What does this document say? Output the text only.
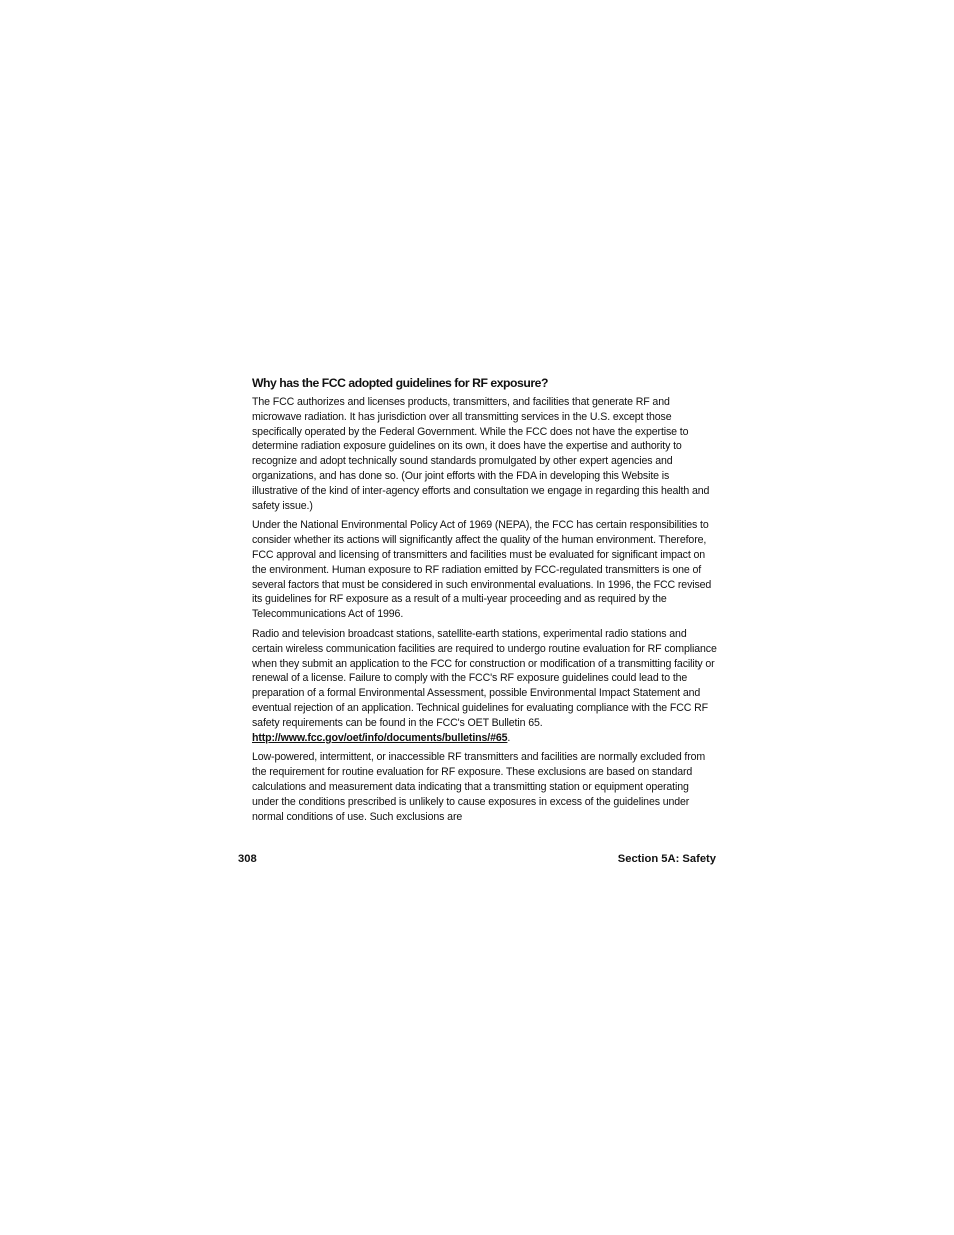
Why has the FCC adopted guidelines for RF exposure?

The FCC authorizes and licenses products, transmitters, and facilities that generate RF and microwave radiation. It has jurisdiction over all transmitting services in the U.S. except those specifically operated by the Federal Government. While the FCC does not have the expertise to determine radiation exposure guidelines on its own, it does have the expertise and authority to recognize and adopt technically sound standards promulgated by other expert agencies and organizations, and has done so. (Our joint efforts with the FDA in developing this Website is illustrative of the kind of inter-agency efforts and consultation we engage in regarding this health and safety issue.)

Under the National Environmental Policy Act of 1969 (NEPA), the FCC has certain responsibilities to consider whether its actions will significantly affect the quality of the human environment. Therefore, FCC approval and licensing of transmitters and facilities must be evaluated for significant impact on the environment. Human exposure to RF radiation emitted by FCC-regulated transmitters is one of several factors that must be considered in such environmental evaluations. In 1996, the FCC revised its guidelines for RF exposure as a result of a multi-year proceeding and as required by the Telecommunications Act of 1996.

Radio and television broadcast stations, satellite-earth stations, experimental radio stations and certain wireless communication facilities are required to undergo routine evaluation for RF compliance when they submit an application to the FCC for construction or modification of a transmitting facility or renewal of a license. Failure to comply with the FCC's RF exposure guidelines could lead to the preparation of a formal Environmental Assessment, possible Environmental Impact Statement and eventual rejection of an application. Technical guidelines for evaluating compliance with the FCC RF safety requirements can be found in the FCC's OET Bulletin 65. http://www.fcc.gov/oet/info/documents/bulletins/#65.

Low-powered, intermittent, or inaccessible RF transmitters and facilities are normally excluded from the requirement for routine evaluation for RF exposure. These exclusions are based on standard calculations and measurement data indicating that a transmitting station or equipment operating under the conditions prescribed is unlikely to cause exposures in excess of the guidelines under normal conditions of use. Such exclusions are

308	Section 5A: Safety
